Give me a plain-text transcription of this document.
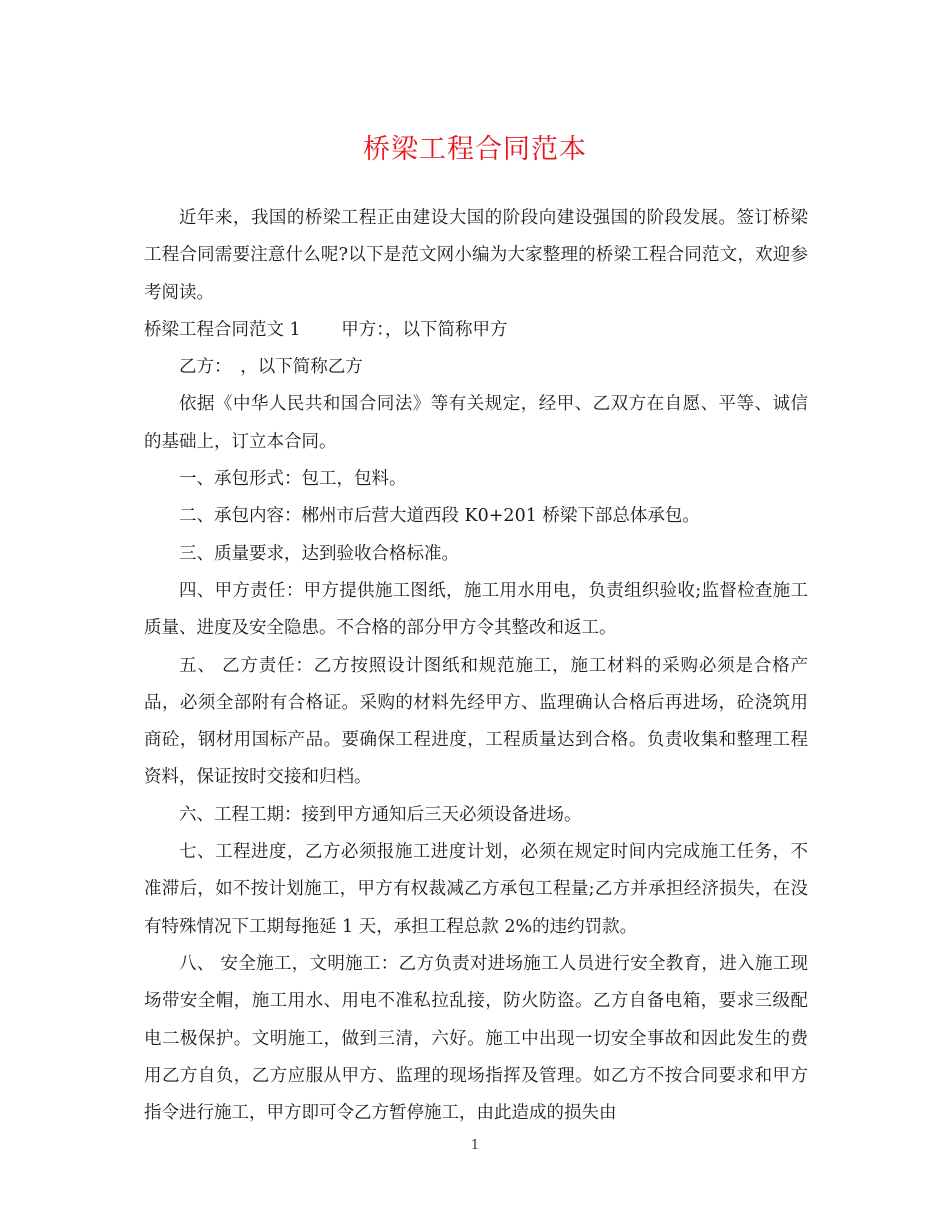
桥梁工程合同范本

近年来，我国的桥梁工程正由建设大国的阶段向建设强国的阶段发展。签订桥梁工程合同需要注意什么呢?以下是范文网小编为大家整理的桥梁工程合同范文，欢迎参考阅读。

桥梁工程合同范文 1　　 甲方：，以下简称甲方

乙方：　，以下简称乙方

依据《中华人民共和国合同法》等有关规定，经甲、乙双方在自愿、平等、诚信的基础上，订立本合同。

一、承包形式：包工，包料。

二、承包内容：郴州市后营大道西段 K0+201 桥梁下部总体承包。

三、质量要求，达到验收合格标准。

四、甲方责任：甲方提供施工图纸，施工用水用电，负责组织验收;监督检查施工质量、进度及安全隐患。不合格的部分甲方令其整改和返工。

五、 乙方责任：乙方按照设计图纸和规范施工，施工材料的采购必须是合格产品，必须全部附有合格证。采购的材料先经甲方、监理确认合格后再进场，砼浇筑用商砼，钢材用国标产品。要确保工程进度，工程质量达到合格。负责收集和整理工程资料，保证按时交接和归档。

六、工程工期：接到甲方通知后三天必须设备进场。

七、工程进度，乙方必须报施工进度计划，必须在规定时间内完成施工任务，不准滞后，如不按计划施工，甲方有权裁减乙方承包工程量;乙方并承担经济损失，在没有特殊情况下工期每拖延 1 天，承担工程总款 2%的违约罚款。

八、 安全施工，文明施工：乙方负责对进场施工人员进行安全教育，进入施工现场带安全帽，施工用水、用电不准私拉乱接，防火防盗。乙方自备电箱，要求三级配电二极保护。文明施工，做到三清，六好。施工中出现一切安全事故和因此发生的费用乙方自负，乙方应服从甲方、监理的现场指挥及管理。如乙方不按合同要求和甲方指令进行施工，甲方即可令乙方暂停施工，由此造成的损失由

1
